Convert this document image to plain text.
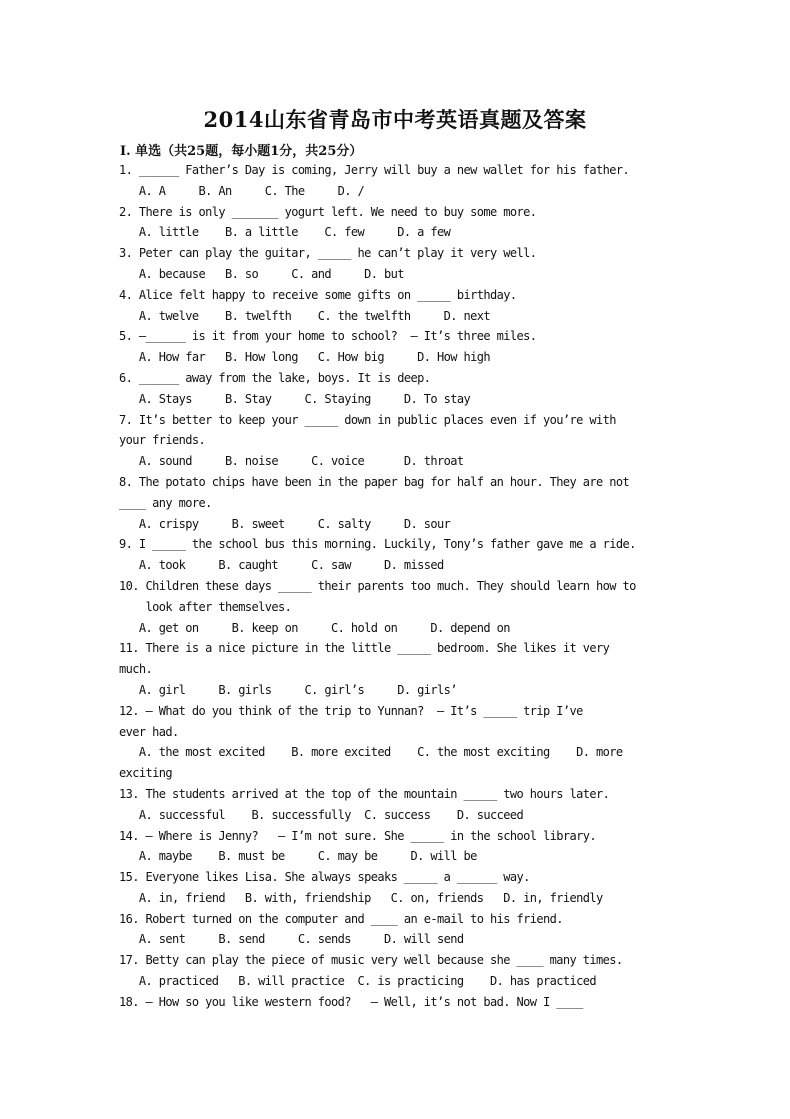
2014山东省青岛市中考英语真题及答案
I. 单选（共25题，每小题1分，共25分）
1. ______ Father’s Day is coming, Jerry will buy a new wallet for his father.
A. A     B. An     C. The     D. /
2. There is only _______ yogurt left. We need to buy some more.
A. little    B. a little    C. few     D. a few
3. Peter can play the guitar, _____ he can’t play it very well.
A. because   B. so     C. and     D. but
4. Alice felt happy to receive some gifts on _____ birthday.
A. twelve    B. twelfth    C. the twelfth     D. next
5. —______ is it from your home to school?  — It’s three miles.
A. How far   B. How long   C. How big     D. How high
6. ______ away from the lake, boys. It is deep.
A. Stays     B. Stay     C. Staying     D. To stay
7. It’s better to keep your _____ down in public places even if you’re with
your friends.
A. sound     B. noise     C. voice      D. throat
8. The potato chips have been in the paper bag for half an hour. They are not
____ any more.
A. crispy     B. sweet     C. salty     D. sour
9. I _____ the school bus this morning. Luckily, Tony’s father gave me a ride.
A. took     B. caught     C. saw     D. missed
10. Children these days _____ their parents too much. They should learn how to
look after themselves.
A. get on     B. keep on     C. hold on     D. depend on
11. There is a nice picture in the little _____ bedroom. She likes it very
much.
A. girl     B. girls     C. girl’s     D. girls’
12. – What do you think of the trip to Yunnan?  — It’s _____ trip I’ve
ever had.
A. the most excited    B. more excited    C. the most exciting    D. more
exciting
13. The students arrived at the top of the mountain _____ two hours later.
A. successful    B. successfully  C. success    D. succeed
14. – Where is Jenny?   — I’m not sure. She _____ in the school library.
A. maybe    B. must be     C. may be     D. will be
15. Everyone likes Lisa. She always speaks _____ a ______ way.
A. in, friend   B. with, friendship   C. on, friends   D. in, friendly
16. Robert turned on the computer and ____ an e-mail to his friend.
A. sent     B. send     C. sends     D. will send
17. Betty can play the piece of music very well because she ____ many times.
A. practiced   B. will practice  C. is practicing    D. has practiced
18. – How so you like western food?   — Well, it’s not bad. Now I ____
